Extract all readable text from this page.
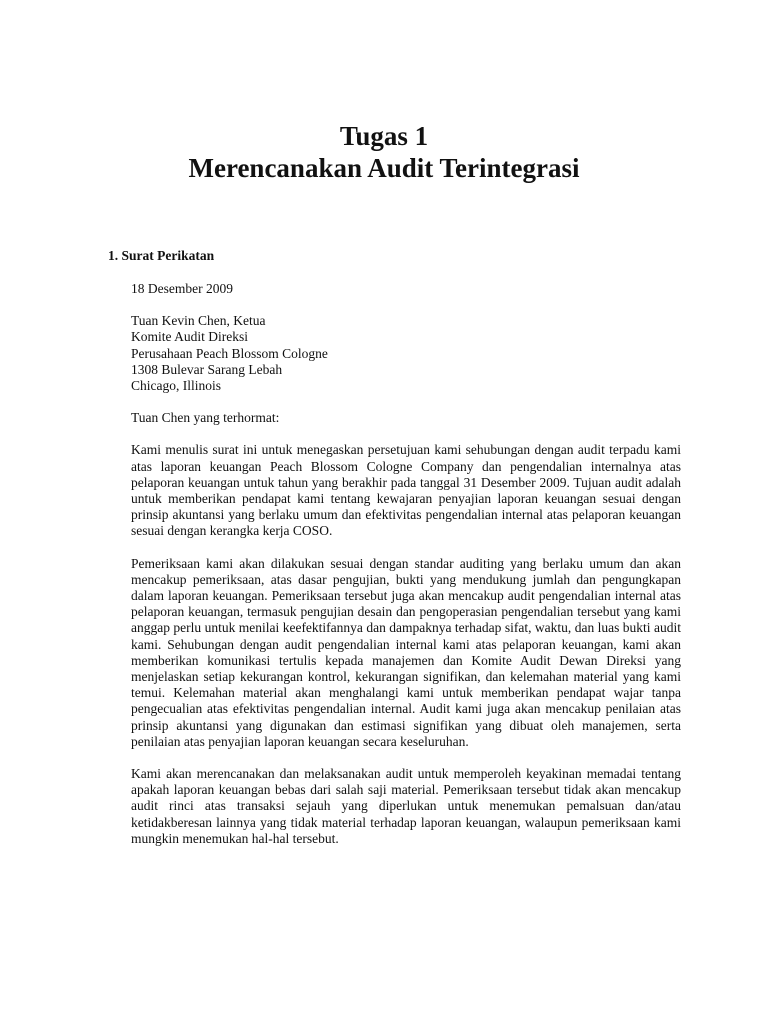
Tugas 1
Merencanakan Audit Terintegrasi
1. Surat Perikatan
18 Desember 2009
Tuan Kevin Chen, Ketua
Komite Audit Direksi
Perusahaan Peach Blossom Cologne
1308 Bulevar Sarang Lebah
Chicago, Illinois
Tuan Chen yang terhormat:

Kami menulis surat ini untuk menegaskan persetujuan kami sehubungan dengan audit terpadu kami atas laporan keuangan Peach Blossom Cologne Company dan pengendalian internalnya atas pelaporan keuangan untuk tahun yang berakhir pada tanggal 31 Desember 2009. Tujuan audit adalah untuk memberikan pendapat kami tentang kewajaran penyajian laporan keuangan sesuai dengan prinsip akuntansi yang berlaku umum dan efektivitas pengendalian internal atas pelaporan keuangan sesuai dengan kerangka kerja COSO.

Pemeriksaan kami akan dilakukan sesuai dengan standar auditing yang berlaku umum dan akan mencakup pemeriksaan, atas dasar pengujian, bukti yang mendukung jumlah dan pengungkapan dalam laporan keuangan. Pemeriksaan tersebut juga akan mencakup audit pengendalian internal atas pelaporan keuangan, termasuk pengujian desain dan pengoperasian pengendalian tersebut yang kami anggap perlu untuk menilai keefektifannya dan dampaknya terhadap sifat, waktu, dan luas bukti audit kami. Sehubungan dengan audit pengendalian internal kami atas pelaporan keuangan, kami akan memberikan komunikasi tertulis kepada manajemen dan Komite Audit Dewan Direksi yang menjelaskan setiap kekurangan kontrol, kekurangan signifikan, dan kelemahan material yang kami temui. Kelemahan material akan menghalangi kami untuk memberikan pendapat wajar tanpa pengecualian atas efektivitas pengendalian internal. Audit kami juga akan mencakup penilaian atas prinsip akuntansi yang digunakan dan estimasi signifikan yang dibuat oleh manajemen, serta penilaian atas penyajian laporan keuangan secara keseluruhan.

Kami akan merencanakan dan melaksanakan audit untuk memperoleh keyakinan memadai tentang apakah laporan keuangan bebas dari salah saji material. Pemeriksaan tersebut tidak akan mencakup audit rinci atas transaksi sejauh yang diperlukan untuk menemukan pemalsuan dan/atau ketidakberesan lainnya yang tidak material terhadap laporan keuangan, walaupun pemeriksaan kami mungkin menemukan hal-hal tersebut.
